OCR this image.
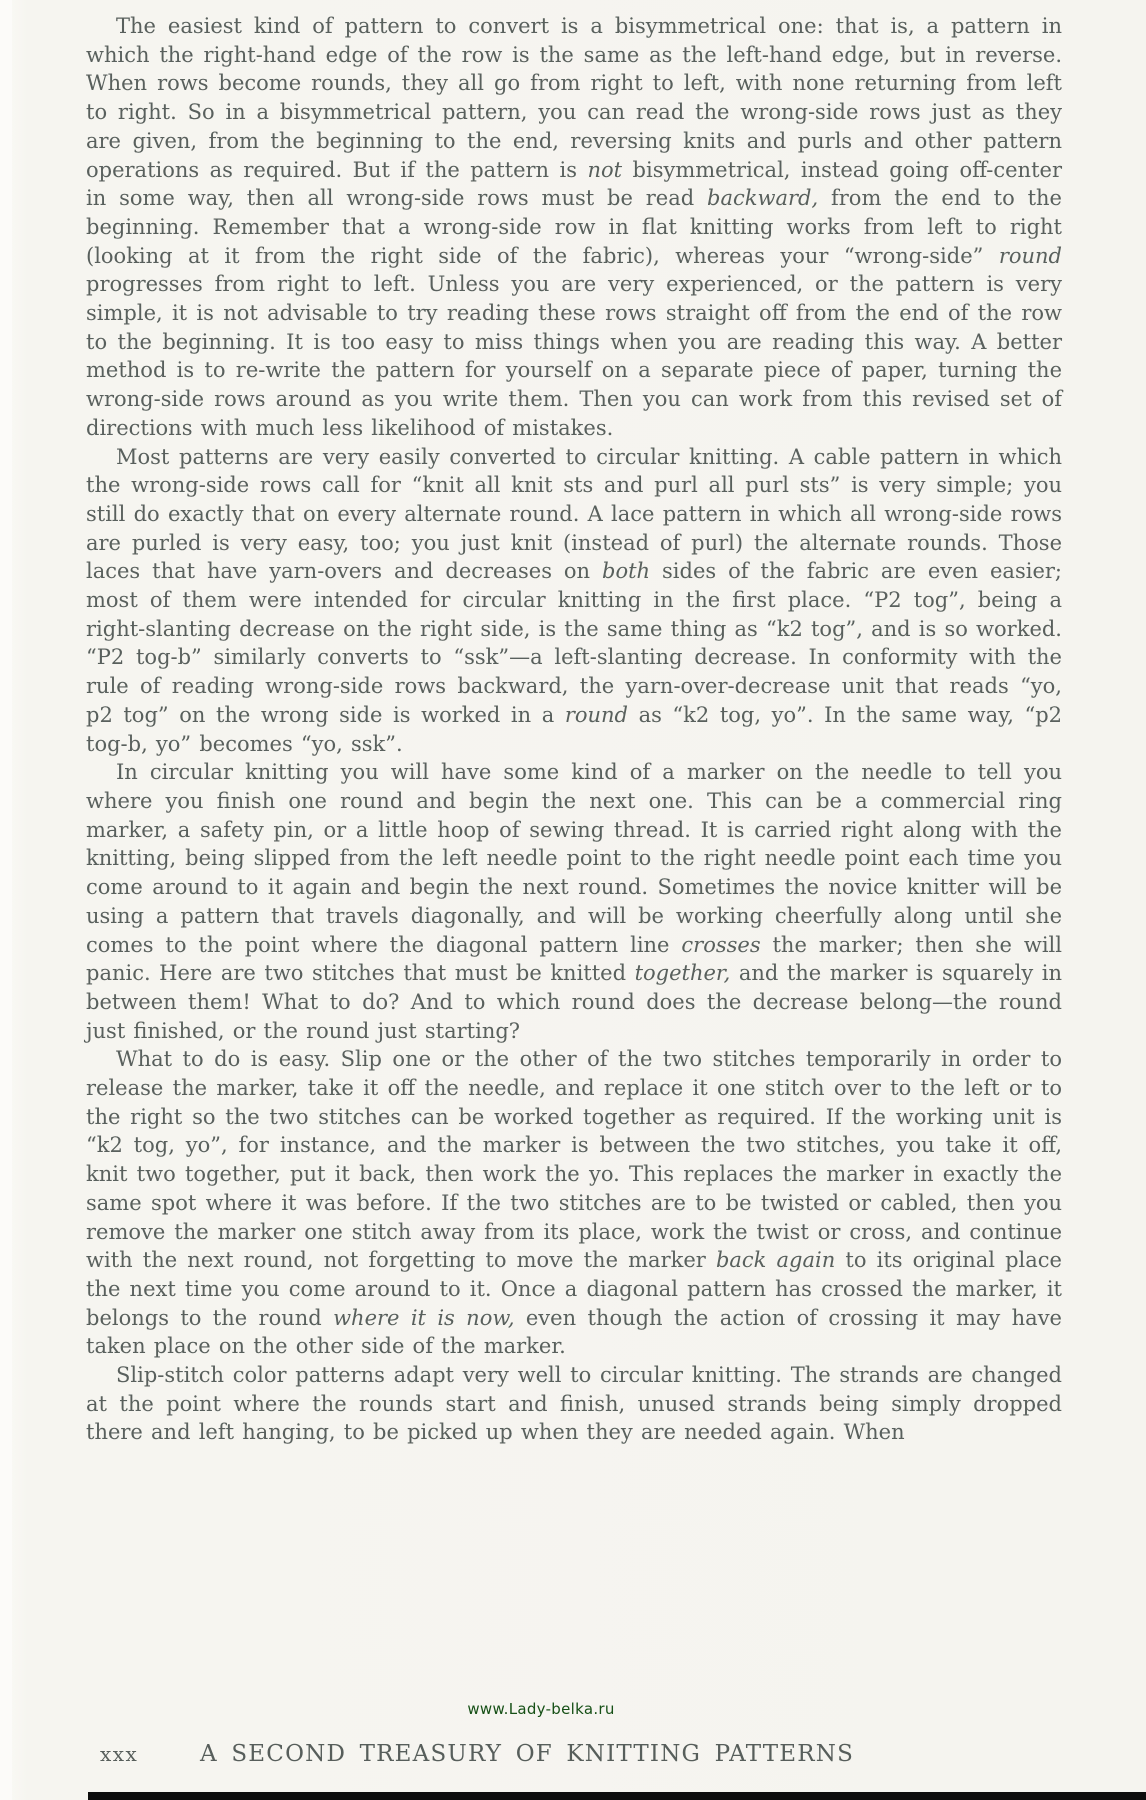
The easiest kind of pattern to convert is a bisymmetrical one: that is, a pattern in which the right-hand edge of the row is the same as the left-hand edge, but in reverse. When rows become rounds, they all go from right to left, with none returning from left to right. So in a bisymmetrical pattern, you can read the wrong-side rows just as they are given, from the beginning to the end, reversing knits and purls and other pattern operations as required. But if the pattern is not bisymmetrical, instead going off-center in some way, then all wrong-side rows must be read backward, from the end to the beginning. Remember that a wrong-side row in flat knitting works from left to right (looking at it from the right side of the fabric), whereas your “wrong-side” round progresses from right to left. Unless you are very experienced, or the pattern is very simple, it is not advisable to try reading these rows straight off from the end of the row to the beginning. It is too easy to miss things when you are reading this way. A better method is to re-write the pattern for yourself on a separate piece of paper, turning the wrong-side rows around as you write them. Then you can work from this revised set of directions with much less likelihood of mistakes.

Most patterns are very easily converted to circular knitting. A cable pattern in which the wrong-side rows call for “knit all knit sts and purl all purl sts” is very simple; you still do exactly that on every alternate round. A lace pattern in which all wrong-side rows are purled is very easy, too; you just knit (instead of purl) the alternate rounds. Those laces that have yarn-overs and decreases on both sides of the fabric are even easier; most of them were intended for circular knitting in the first place. “P2 tog”, being a right-slanting decrease on the right side, is the same thing as “k2 tog”, and is so worked. “P2 tog-b” similarly converts to “ssk”—a left-slanting decrease. In conformity with the rule of reading wrong-side rows backward, the yarn-over-decrease unit that reads “yo, p2 tog” on the wrong side is worked in a round as “k2 tog, yo”. In the same way, “p2 tog-b, yo” becomes “yo, ssk”.

In circular knitting you will have some kind of a marker on the needle to tell you where you finish one round and begin the next one. This can be a commercial ring marker, a safety pin, or a little hoop of sewing thread. It is carried right along with the knitting, being slipped from the left needle point to the right needle point each time you come around to it again and begin the next round. Sometimes the novice knitter will be using a pattern that travels diagonally, and will be working cheerfully along until she comes to the point where the diagonal pattern line crosses the marker; then she will panic. Here are two stitches that must be knitted together, and the marker is squarely in between them! What to do? And to which round does the decrease belong—the round just finished, or the round just starting?

What to do is easy. Slip one or the other of the two stitches temporarily in order to release the marker, take it off the needle, and replace it one stitch over to the left or to the right so the two stitches can be worked together as required. If the working unit is “k2 tog, yo”, for instance, and the marker is between the two stitches, you take it off, knit two together, put it back, then work the yo. This replaces the marker in exactly the same spot where it was before. If the two stitches are to be twisted or cabled, then you remove the marker one stitch away from its place, work the twist or cross, and continue with the next round, not forgetting to move the marker back again to its original place the next time you come around to it. Once a diagonal pattern has crossed the marker, it belongs to the round where it is now, even though the action of crossing it may have taken place on the other side of the marker.

Slip-stitch color patterns adapt very well to circular knitting. The strands are changed at the point where the rounds start and finish, unused strands being simply dropped there and left hanging, to be picked up when they are needed again. When

www.Lady-belka.ru
xxx	A SECOND TREASURY OF KNITTING PATTERNS
